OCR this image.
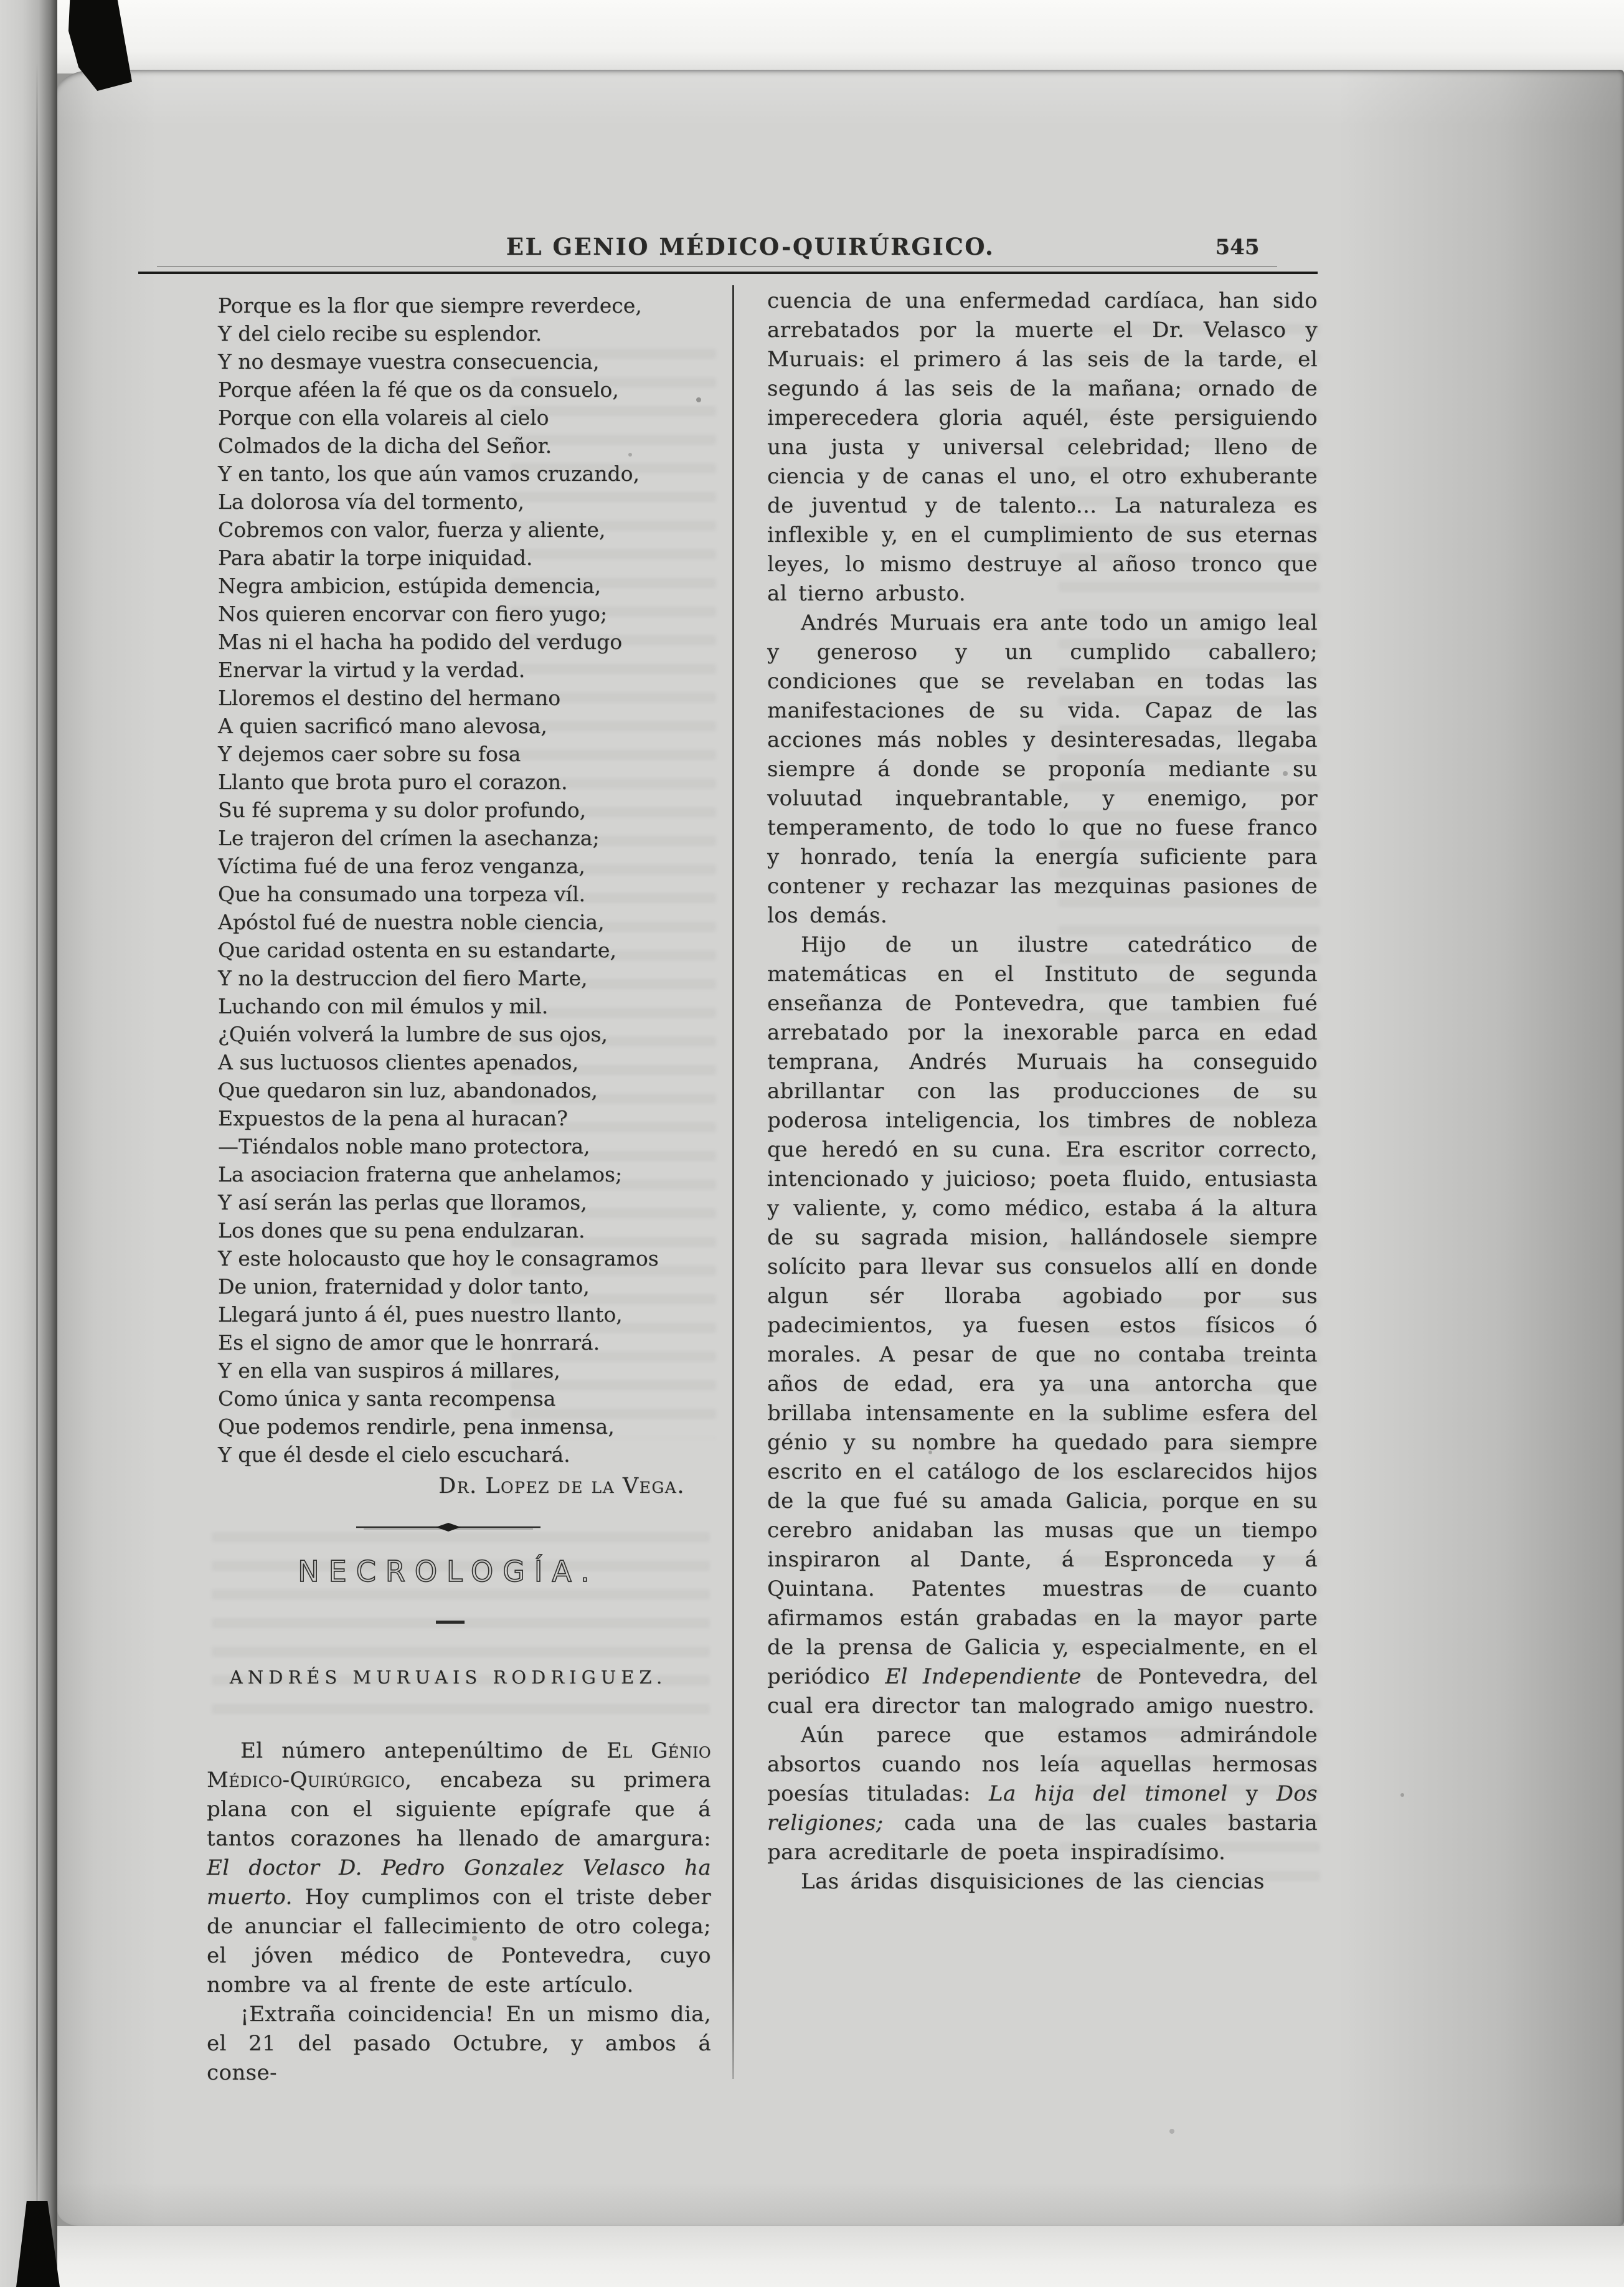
EL GENIO MÉDICO-QUIRÚRGICO.	545
Porque es la flor que siempre reverdece,
Y del cielo recibe su esplendor.
Y no desmaye vuestra consecuencia,
Porque aféen la fé que os da consuelo,
Porque con ella volareis al cielo
Colmados de la dicha del Señor.
Y en tanto, los que aún vamos cruzando,
La dolorosa vía del tormento,
Cobremos con valor, fuerza y aliente,
Para abatir la torpe iniquidad.
Negra ambicion, estúpida demencia,
Nos quieren encorvar con fiero yugo;
Mas ni el hacha ha podido del verdugo
Enervar la virtud y la verdad.
Lloremos el destino del hermano
A quien sacrificó mano alevosa,
Y dejemos caer sobre su fosa
Llanto que brota puro el corazon.
Su fé suprema y su dolor profundo,
Le trajeron del crímen la asechanza;
Víctima fué de una feroz venganza,
Que ha consumado una torpeza víl.
Apóstol fué de nuestra noble ciencia,
Que caridad ostenta en su estandarte,
Y no la destruccion del fiero Marte,
Luchando con mil émulos y mil.
¿Quién volverá la lumbre de sus ojos,
A sus luctuosos clientes apenados,
Que quedaron sin luz, abandonados,
Expuestos de la pena al huracan?
—Tiéndalos noble mano protectora,
La asociacion fraterna que anhelamos;
Y así serán las perlas que lloramos,
Los dones que su pena endulzaran.
Y este holocausto que hoy le consagramos
De union, fraternidad y dolor tanto,
Llegará junto á él, pues nuestro llanto,
Es el signo de amor que le honrrará.
Y en ella van suspiros á millares,
Como única y santa recompensa
Que podemos rendirle, pena inmensa,
Y que él desde el cielo escuchará.
Dr. Lopez de la Vega.
NECROLOGÍA.
ANDRÉS MURUAIS RODRIGUEZ.

El número antepenúltimo de El Génio Médico-Quirúrgico, encabeza su primera plana con el siguiente epígrafe que á tantos corazones ha llenado de amargura: El doctor D. Pedro Gonzalez Velasco ha muerto. Hoy cumplimos con el triste deber de anunciar el fallecimiento de otro colega; el jóven médico de Pontevedra, cuyo nombre va al frente de este artículo.

¡Extraña coincidencia! En un mismo dia, el 21 del pasado Octubre, y ambos á conse-

cuencia de una enfermedad cardíaca, han sido arrebatados por la muerte el Dr. Velasco y Muruais: el primero á las seis de la tarde, el segundo á las seis de la mañana; ornado de imperecedera gloria aquél, éste persiguiendo una justa y universal celebridad; lleno de ciencia y de canas el uno, el otro exhuberante de juventud y de talento... La naturaleza es inflexible y, en el cumplimiento de sus eternas leyes, lo mismo destruye al añoso tronco que al tierno arbusto.

Andrés Muruais era ante todo un amigo leal y generoso y un cumplido caballero; condiciones que se revelaban en todas las manifestaciones de su vida. Capaz de las acciones más nobles y desinteresadas, llegaba siempre á donde se proponía mediante su voluutad inquebrantable, y enemigo, por temperamento, de todo lo que no fuese franco y honrado, tenía la energía suficiente para contener y rechazar las mezquinas pasiones de los demás.

Hijo de un ilustre catedrático de matemáticas en el Instituto de segunda enseñanza de Pontevedra, que tambien fué arrebatado por la inexorable parca en edad temprana, Andrés Muruais ha conseguido abrillantar con las producciones de su poderosa inteligencia, los timbres de nobleza que heredó en su cuna. Era escritor correcto, intencionado y juicioso; poeta fluido, entusiasta y valiente, y, como médico, estaba á la altura de su sagrada mision, hallándosele siempre solícito para llevar sus consuelos allí en donde algun sér lloraba agobiado por sus padecimientos, ya fuesen estos físicos ó morales. A pesar de que no contaba treinta años de edad, era ya una antorcha que brillaba intensamente en la sublime esfera del génio y su nombre ha quedado para siempre escrito en el catálogo de los esclarecidos hijos de la que fué su amada Galicia, porque en su cerebro anidaban las musas que un tiempo inspiraron al Dante, á Espronceda y á Quintana. Patentes muestras de cuanto afirmamos están grabadas en la mayor parte de la prensa de Galicia y, especialmente, en el periódico El Independiente de Pontevedra, del cual era director tan malogrado amigo nuestro.

Aún parece que estamos admirándole absortos cuando nos leía aquellas hermosas poesías tituladas: La hija del timonel y Dos religiones; cada una de las cuales bastaria para acreditarle de poeta inspiradísimo.

Las áridas disquisiciones de las ciencias
